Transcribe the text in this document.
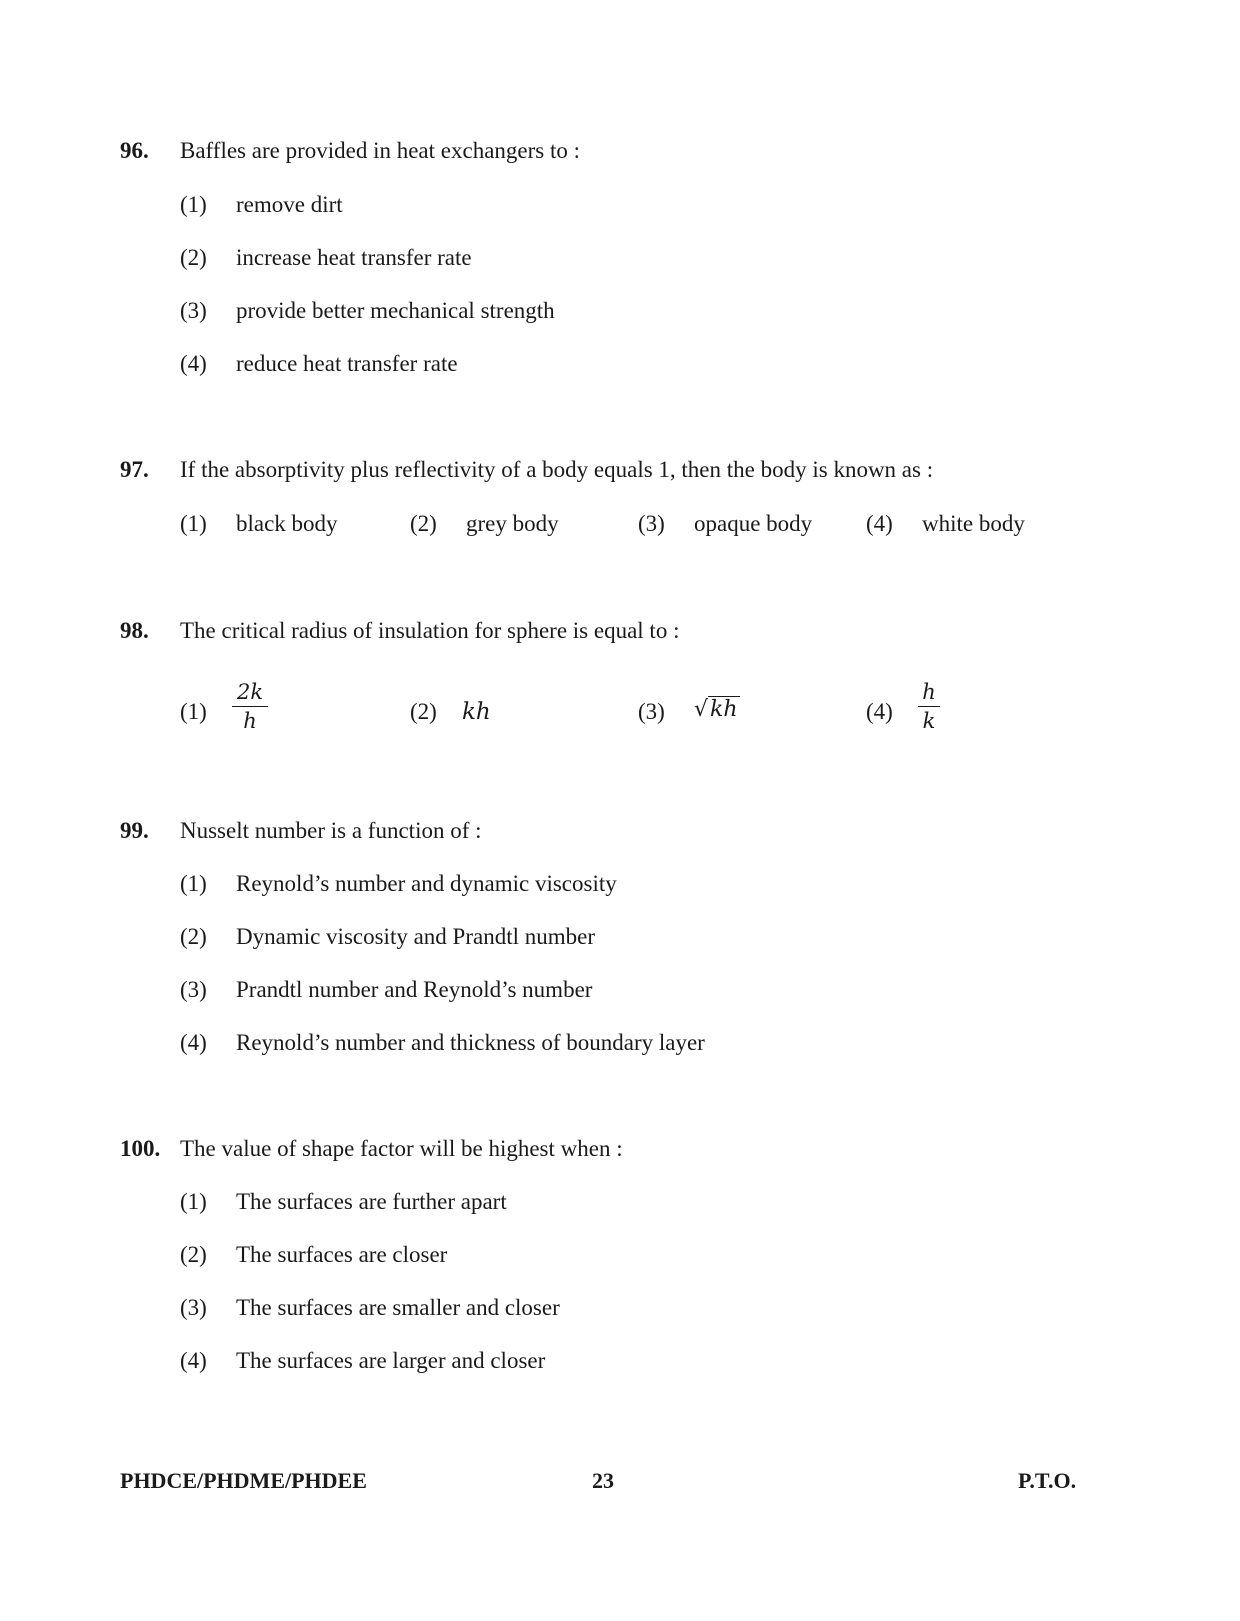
96. Baffles are provided in heat exchangers to :
(1) remove dirt
(2) increase heat transfer rate
(3) provide better mechanical strength
(4) reduce heat transfer rate
97. If the absorptivity plus reflectivity of a body equals 1, then the body is known as :
(1) black body	(2) grey body	(3) opaque body (4) white body
98. The critical radius of insulation for sphere is equal to :
(1)
2k
h	(2) kh	(3) √kh	(4)
h
k
99. Nusselt number is a function of :
(1) Reynold’s number and dynamic viscosity
(2) Dynamic viscosity and Prandtl number
(3) Prandtl number and Reynold’s number
(4) Reynold’s number and thickness of boundary layer
100. The value of shape factor will be highest when :
(1) The surfaces are further apart
(2) The surfaces are closer
(3) The surfaces are smaller and closer
(4) The surfaces are larger and closer
PHDCE/PHDME/PHDEE	23	P.T.O.
